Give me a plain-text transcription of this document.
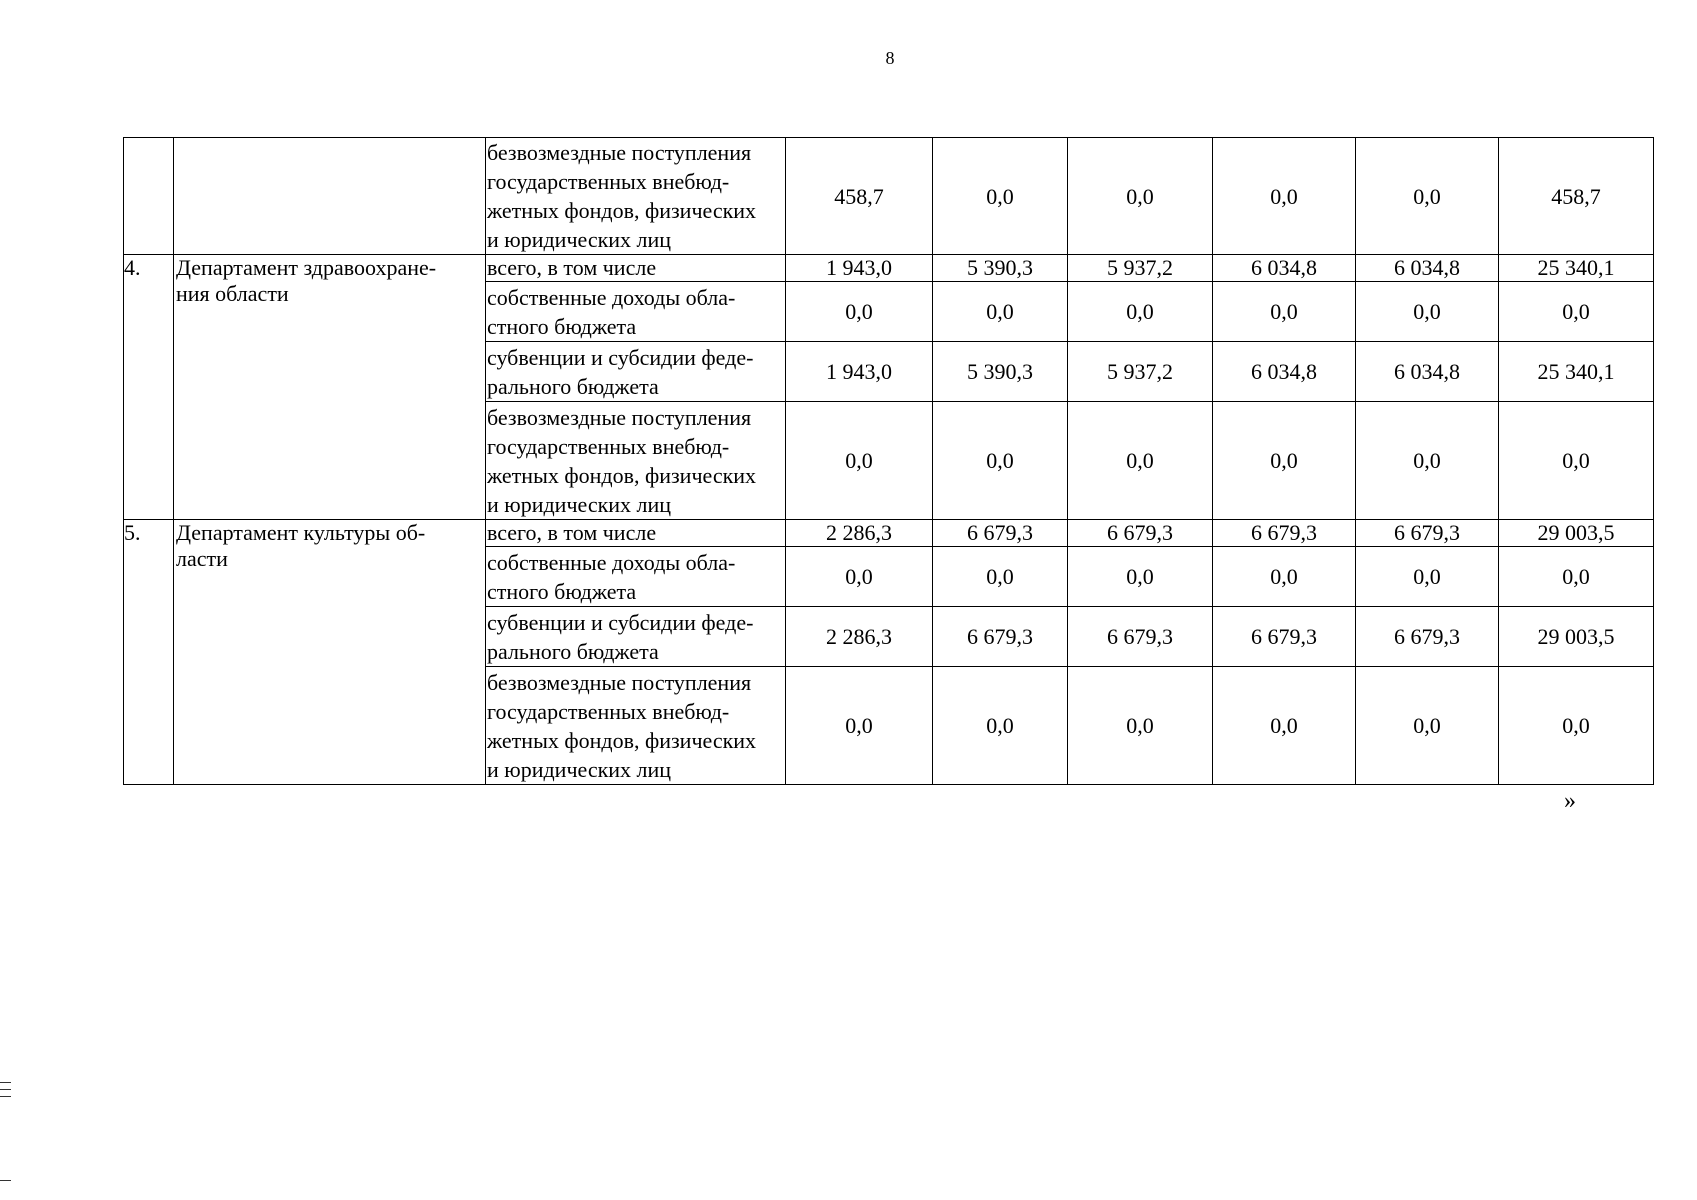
8
		безвозмездные поступления
государственных внебюд-
жетных фондов, физических
и юридических лиц	458,7	0,0	0,0	0,0	0,0	458,7
4.	Департамент здравоохране-
ния области	всего, в том числе	1 943,0	5 390,3	5 937,2	6 034,8	6 034,8	25 340,1
		собственные доходы обла-
стного бюджета	0,0	0,0	0,0	0,0	0,0	0,0
		субвенции и субсидии феде-
рального бюджета	1 943,0	5 390,3	5 937,2	6 034,8	6 034,8	25 340,1
		безвозмездные поступления
государственных внебюд-
жетных фондов, физических
и юридических лиц	0,0	0,0	0,0	0,0	0,0	0,0
5.	Департамент культуры об-
ласти	всего, в том числе	2 286,3	6 679,3	6 679,3	6 679,3	6 679,3	29 003,5
		собственные доходы обла-
стного бюджета	0,0	0,0	0,0	0,0	0,0	0,0
		субвенции и субсидии феде-
рального бюджета	2 286,3	6 679,3	6 679,3	6 679,3	6 679,3	29 003,5
		безвозмездные поступления
государственных внебюд-
жетных фондов, физических
и юридических лиц	0,0	0,0	0,0	0,0	0,0	0,0
»
